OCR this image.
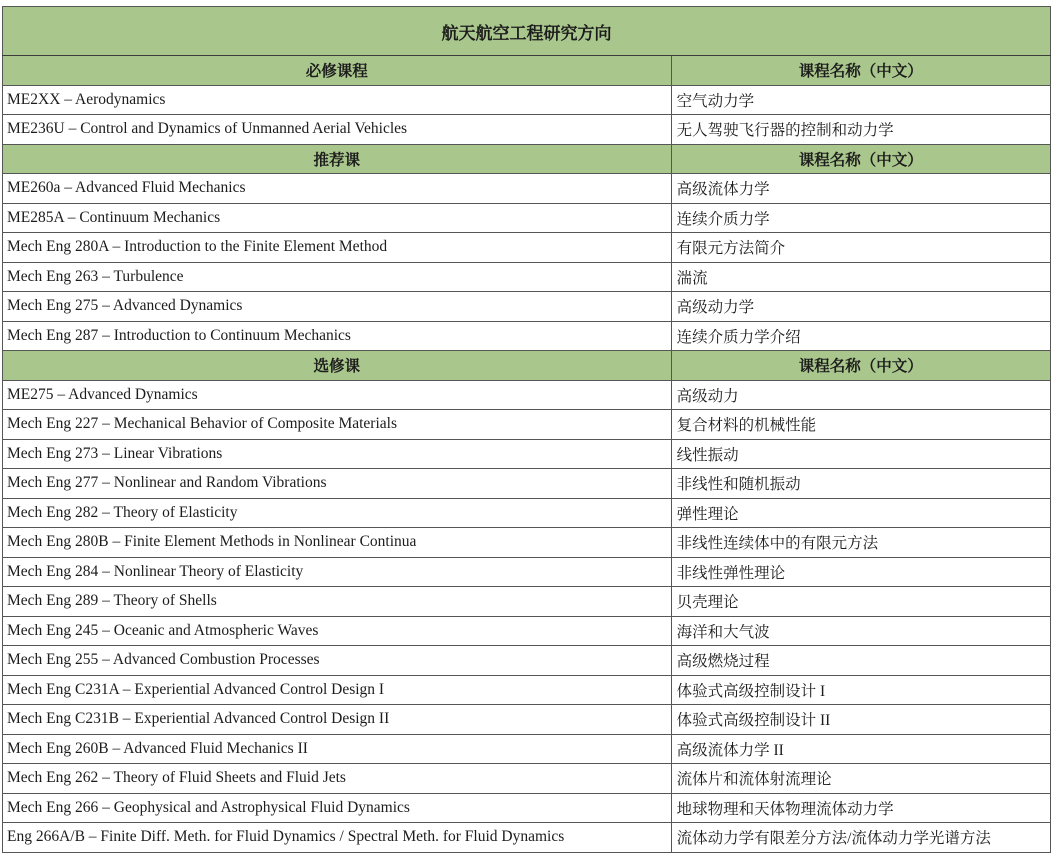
航天航空工程研究方向	
必修课程	课程名称（中文）
ME2XX – Aerodynamics	空气动力学
ME236U – Control and Dynamics of Unmanned Aerial Vehicles	无人驾驶飞行器的控制和动力学
推荐课	课程名称（中文）
ME260a – Advanced Fluid Mechanics	高级流体力学
ME285A – Continuum Mechanics	连续介质力学
Mech Eng 280A – Introduction to the Finite Element Method	有限元方法简介
Mech Eng 263 – Turbulence	湍流
Mech Eng 275 – Advanced Dynamics	高级动力学
Mech Eng 287 – Introduction to Continuum Mechanics	连续介质力学介绍
选修课	课程名称（中文）
ME275 – Advanced Dynamics	高级动力
Mech Eng 227 – Mechanical Behavior of Composite Materials	复合材料的机械性能
Mech Eng 273 – Linear Vibrations	线性振动
Mech Eng 277 – Nonlinear and Random Vibrations	非线性和随机振动
Mech Eng 282 – Theory of Elasticity	弹性理论
Mech Eng 280B – Finite Element Methods in Nonlinear Continua	非线性连续体中的有限元方法
Mech Eng 284 – Nonlinear Theory of Elasticity	非线性弹性理论
Mech Eng 289 – Theory of Shells	贝壳理论
Mech Eng 245 – Oceanic and Atmospheric Waves	海洋和大气波
Mech Eng 255 – Advanced Combustion Processes	高级燃烧过程
Mech Eng C231A – Experiential Advanced Control Design I	体验式高级控制设计 I
Mech Eng C231B – Experiential Advanced Control Design II	体验式高级控制设计 II
Mech Eng 260B – Advanced Fluid Mechanics II	高级流体力学 II
Mech Eng 262 – Theory of Fluid Sheets and Fluid Jets	流体片和流体射流理论
Mech Eng 266 – Geophysical and Astrophysical Fluid Dynamics	地球物理和天体物理流体动力学
Eng 266A/B – Finite Diff. Meth. for Fluid Dynamics / Spectral Meth. for Fluid Dynamics	流体动力学有限差分方法/流体动力学光谱方法
